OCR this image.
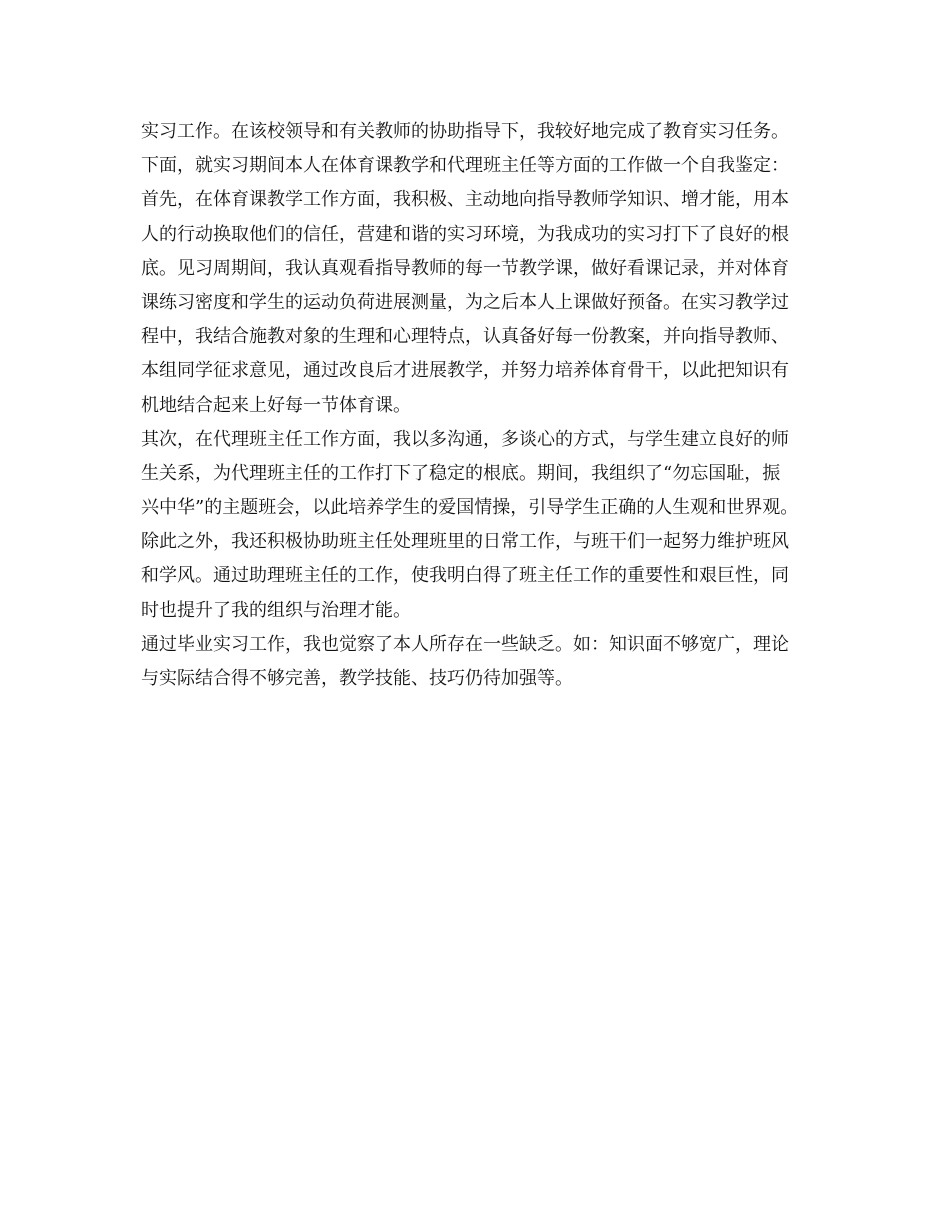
实习工作。在该校领导和有关教师的协助指导下，我较好地完成了教育实习任务。
下面，就实习期间本人在体育课教学和代理班主任等方面的工作做一个自我鉴定：
首先，在体育课教学工作方面，我积极、主动地向指导教师学知识、增才能，用本
人的行动换取他们的信任，营建和谐的实习环境，为我成功的实习打下了良好的根
底。见习周期间，我认真观看指导教师的每一节教学课，做好看课记录，并对体育
课练习密度和学生的运动负荷进展测量，为之后本人上课做好预备。在实习教学过
程中，我结合施教对象的生理和心理特点，认真备好每一份教案，并向指导教师、
本组同学征求意见，通过改良后才进展教学，并努力培养体育骨干，以此把知识有
机地结合起来上好每一节体育课。
其次，在代理班主任工作方面，我以多沟通，多谈心的方式，与学生建立良好的师
生关系，为代理班主任的工作打下了稳定的根底。期间，我组织了“勿忘国耻，振
兴中华”的主题班会，以此培养学生的爱国情操，引导学生正确的人生观和世界观。
除此之外，我还积极协助班主任处理班里的日常工作，与班干们一起努力维护班风
和学风。通过助理班主任的工作，使我明白得了班主任工作的重要性和艰巨性，同
时也提升了我的组织与治理才能。
通过毕业实习工作，我也觉察了本人所存在一些缺乏。如：知识面不够宽广，理论
与实际结合得不够完善，教学技能、技巧仍待加强等。
